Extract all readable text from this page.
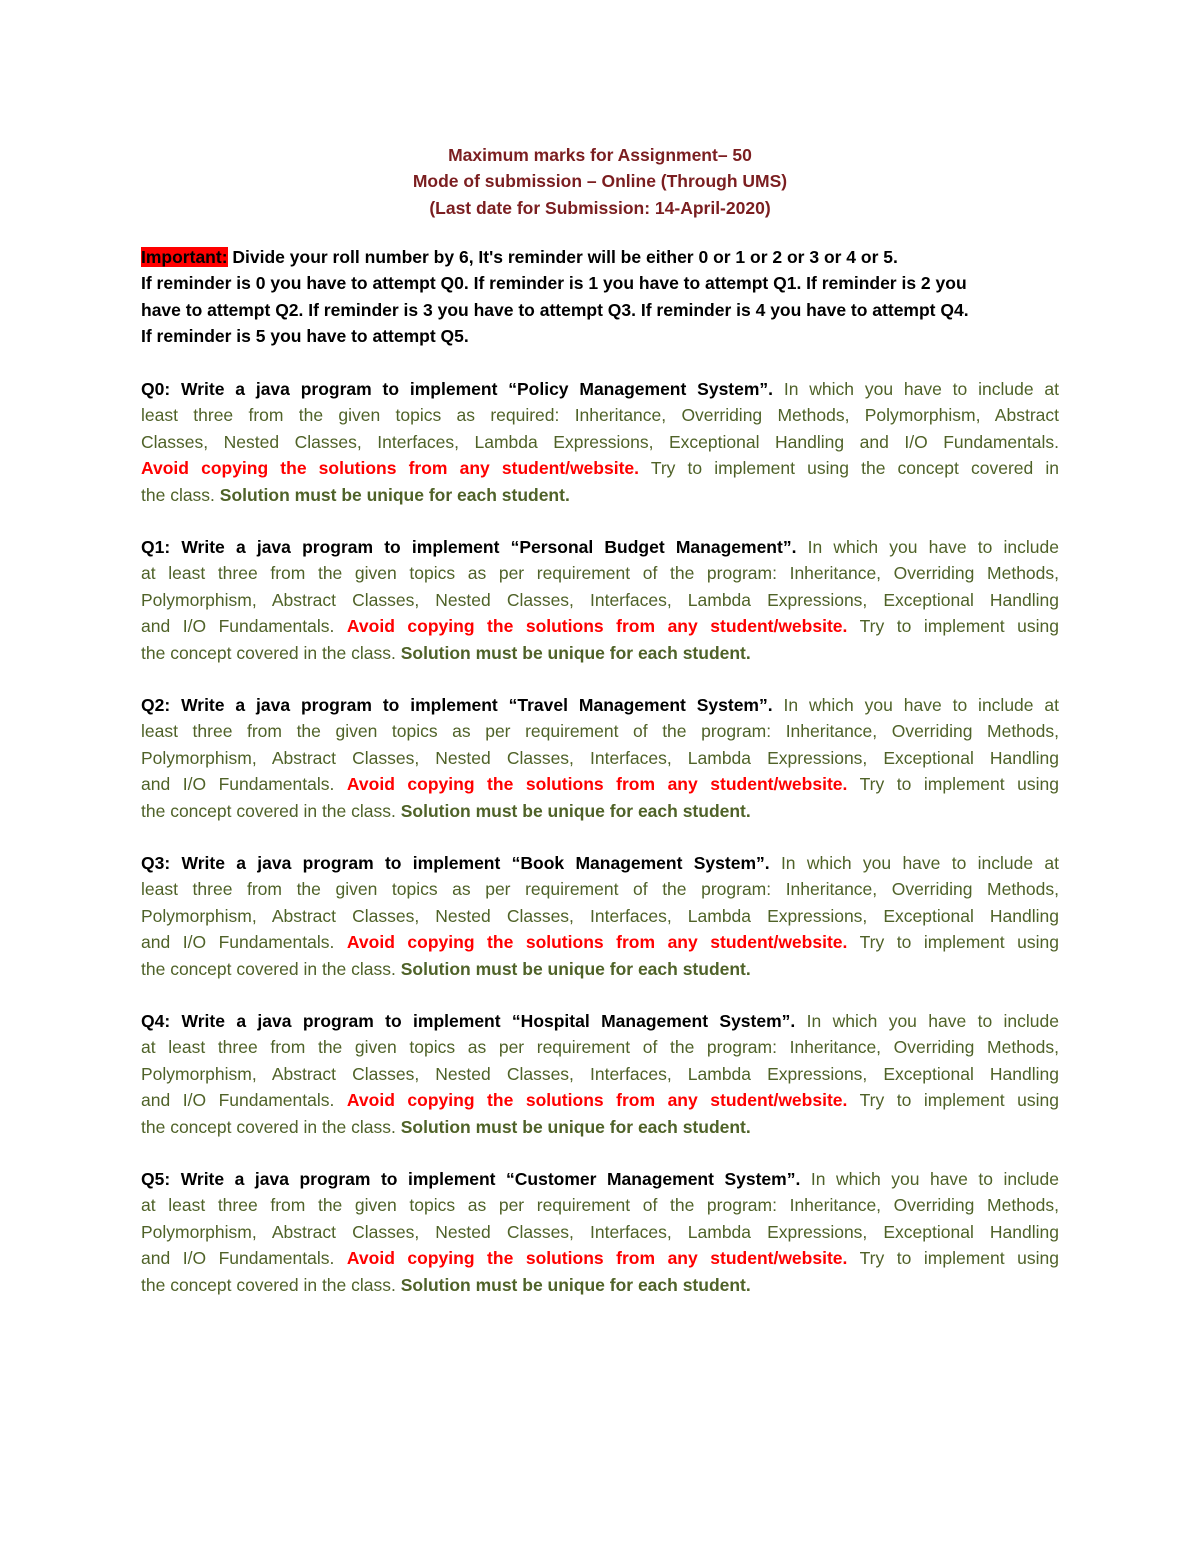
Maximum marks for Assignment– 50
Mode of submission – Online (Through UMS)
(Last date for Submission: 14-April-2020)
Important: Divide your roll number by 6, It's reminder will be either 0 or 1 or 2 or 3 or 4 or 5.
If reminder is 0 you have to attempt Q0. If reminder is 1 you have to attempt Q1. If reminder is 2 you
have to attempt Q2. If reminder is 3 you have to attempt Q3. If reminder is 4 you have to attempt Q4.
If reminder is 5 you have to attempt Q5.
Q0: Write a java program to implement “Policy Management System”. In which you have to include at
least three from the given topics as required: Inheritance, Overriding Methods, Polymorphism, Abstract
Classes, Nested Classes, Interfaces, Lambda Expressions, Exceptional Handling and I/O Fundamentals.
Avoid copying the solutions from any student/website. Try to implement using the concept covered in
the class. Solution must be unique for each student.
Q1: Write a java program to implement “Personal Budget Management”. In which you have to include
at least three from the given topics as per requirement of the program: Inheritance, Overriding Methods,
Polymorphism, Abstract Classes, Nested Classes, Interfaces, Lambda Expressions, Exceptional Handling
and I/O Fundamentals. Avoid copying the solutions from any student/website. Try to implement using
the concept covered in the class. Solution must be unique for each student.
Q2: Write a java program to implement “Travel Management System”. In which you have to include at
least three from the given topics as per requirement of the program: Inheritance, Overriding Methods,
Polymorphism, Abstract Classes, Nested Classes, Interfaces, Lambda Expressions, Exceptional Handling
and I/O Fundamentals. Avoid copying the solutions from any student/website. Try to implement using
the concept covered in the class. Solution must be unique for each student.
Q3: Write a java program to implement “Book Management System”. In which you have to include at
least three from the given topics as per requirement of the program: Inheritance, Overriding Methods,
Polymorphism, Abstract Classes, Nested Classes, Interfaces, Lambda Expressions, Exceptional Handling
and I/O Fundamentals. Avoid copying the solutions from any student/website. Try to implement using
the concept covered in the class. Solution must be unique for each student.
Q4: Write a java program to implement “Hospital Management System”. In which you have to include
at least three from the given topics as per requirement of the program: Inheritance, Overriding Methods,
Polymorphism, Abstract Classes, Nested Classes, Interfaces, Lambda Expressions, Exceptional Handling
and I/O Fundamentals. Avoid copying the solutions from any student/website. Try to implement using
the concept covered in the class. Solution must be unique for each student.
Q5: Write a java program to implement “Customer Management System”. In which you have to include
at least three from the given topics as per requirement of the program: Inheritance, Overriding Methods,
Polymorphism, Abstract Classes, Nested Classes, Interfaces, Lambda Expressions, Exceptional Handling
and I/O Fundamentals. Avoid copying the solutions from any student/website. Try to implement using
the concept covered in the class. Solution must be unique for each student.
